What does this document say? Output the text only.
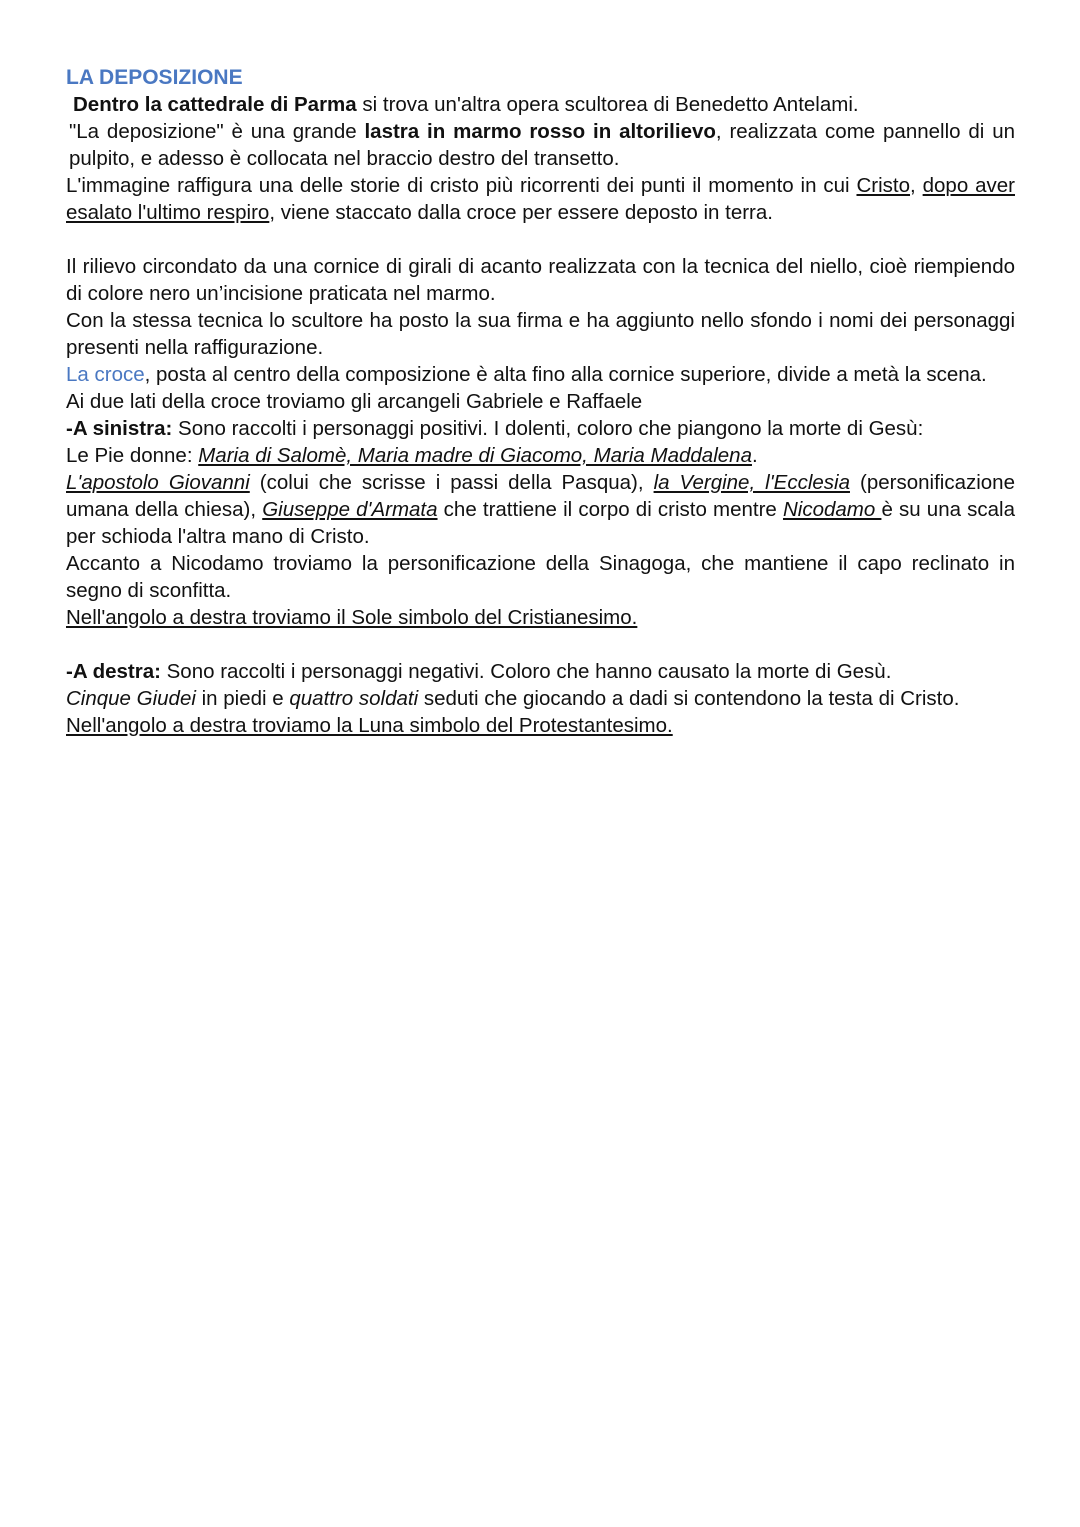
LA DEPOSIZIONE

Dentro la cattedrale di Parma si trova un'altra opera scultorea di Benedetto Antelami.

"La deposizione" è una grande lastra in marmo rosso in altorilievo, realizzata come pannello di un pulpito, e adesso è collocata nel braccio destro del transetto.

L'immagine raffigura una delle storie di cristo più ricorrenti dei punti il momento in cui Cristo, dopo aver esalato l'ultimo respiro, viene staccato dalla croce per essere deposto in terra.

Il rilievo circondato da una cornice di girali di acanto realizzata con la tecnica del niello, cioè riempiendo di colore nero un’incisione praticata nel marmo.

Con la stessa tecnica lo scultore ha posto la sua firma e ha aggiunto nello sfondo i nomi dei personaggi presenti nella raffigurazione.

La croce, posta al centro della composizione è alta fino alla cornice superiore, divide a metà la scena.

Ai due lati della croce troviamo gli arcangeli Gabriele e Raffaele

-A sinistra: Sono raccolti i personaggi positivi. I dolenti, coloro che piangono la morte di Gesù:

Le Pie donne: Maria di Salomè, Maria madre di Giacomo, Maria Maddalena.

L'apostolo Giovanni (colui che scrisse i passi della Pasqua), la Vergine, l'Ecclesia (personificazione umana della chiesa), Giuseppe d'Armata che trattiene il corpo di cristo mentre Nicodamo è su una scala per schioda l'altra mano di Cristo.

Accanto a Nicodamo troviamo la personificazione della Sinagoga, che mantiene il capo reclinato in segno di sconfitta.

Nell'angolo a destra troviamo il Sole simbolo del Cristianesimo.

-A destra: Sono raccolti i personaggi negativi. Coloro che hanno causato la morte di Gesù.

Cinque Giudei in piedi e quattro soldati seduti che giocando a dadi si contendono la testa di Cristo.

Nell'angolo a destra troviamo la Luna simbolo del Protestantesimo.
